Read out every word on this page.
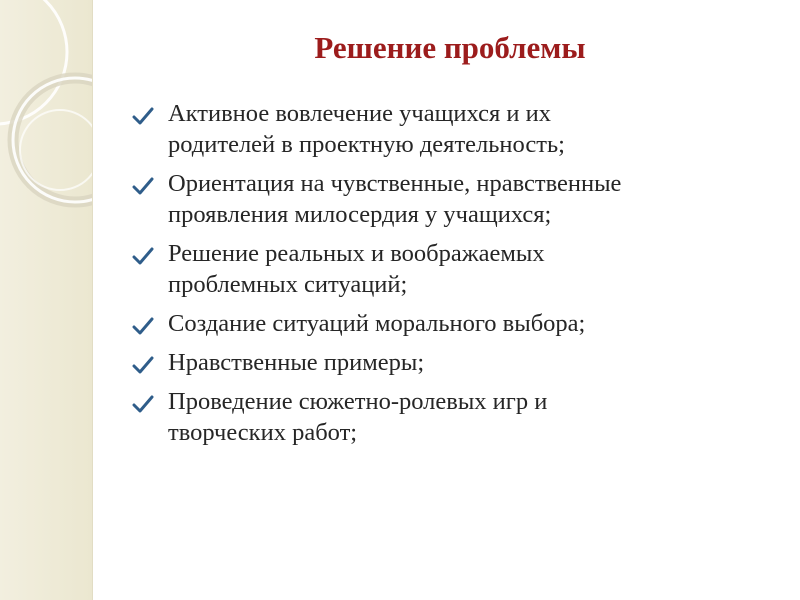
Решение проблемы
Активное вовлечение учащихся и их
родителей в проектную деятельность;
Ориентация на чувственные, нравственные
проявления милосердия у учащихся;
Решение реальных и воображаемых
проблемных ситуаций;
Создание ситуаций морального выбора;
Нравственные примеры;
Проведение сюжетно-ролевых игр и
творческих работ;
